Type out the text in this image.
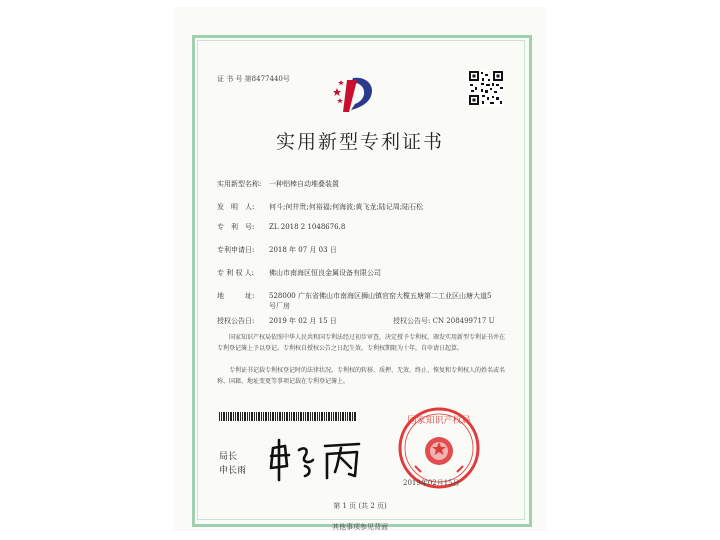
证 书 号 第8477440号
实用新型专利证书
实用新型名称: 一种铝棒自动堆叠装置
发　明　人: 何斗;何井贵;何裕福;何海波;黄飞龙;陆记周;陆石松
专　利　号: ZL 2018 2 1048676.8
专利申请日: 2018 年 07 月 03 日
专 利 权 人: 佛山市南海区恒良金属设备有限公司
地　　　址:	528000 广东省佛山市南海区狮山镇官窑大榄五塘第二工业区山塘大道5号厂房
授权公告日: 2019 年 02 月 15 日	授权公告号: CN 208499717 U
国家知识产权局依照中华人民共和国专利法经过初步审查，决定授予专利权，颁发实用新型专利证书并在专利登记簿上予以登记。专利权自授权公告之日起生效。专利权期限为十年，自申请日起算。
专利证书记载专利权登记时的法律状况。专利权的转移、质押、无效、终止、恢复和专利权人的姓名或名称、国籍、地址变更等事项记载在专利登记簿上。
局长
申长雨
国家知识产权局
2019年02月15日
第 1 页 (共 2 页)
其他事项参见背面
